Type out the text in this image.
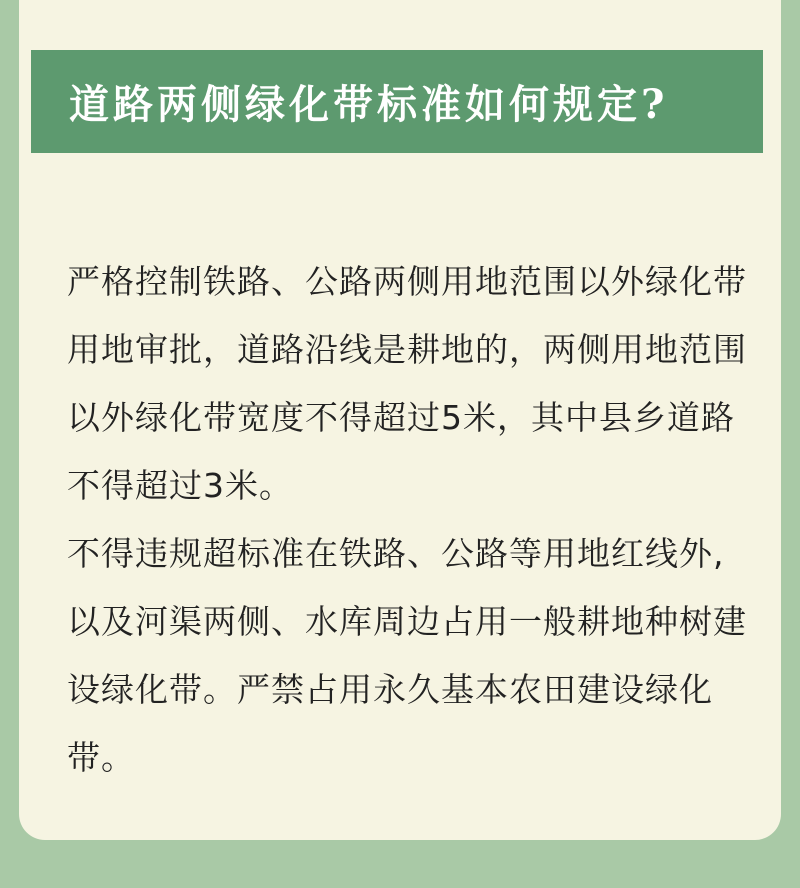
道路两侧绿化带标准如何规定?

严格控制铁路、公路两侧用地范围以外绿化带用地审批，道路沿线是耕地的，两侧用地范围以外绿化带宽度不得超过5米，其中县乡道路不得超过3米。

不得违规超标准在铁路、公路等用地红线外,以及河渠两侧、水库周边占用一般耕地种树建设绿化带。严禁占用永久基本农田建设绿化带。
